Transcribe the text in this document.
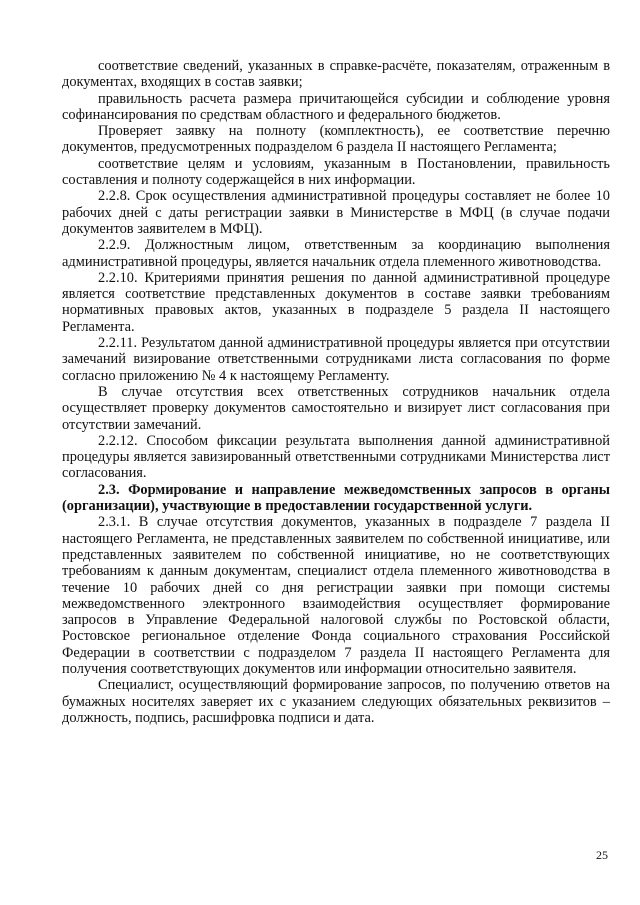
соответствие сведений, указанных в справке-расчёте, показателям, отраженным в документах, входящих в состав заявки;

правильность расчета размера причитающейся субсидии и соблюдение уровня софинансирования по средствам областного и федерального бюджетов.

Проверяет заявку на полноту (комплектность), ее соответствие перечню документов, предусмотренных подразделом 6 раздела II настоящего Регламента;

соответствие целям и условиям, указанным в Постановлении, правильность составления и полноту содержащейся в них информации.

2.2.8. Срок осуществления административной процедуры составляет не более 10 рабочих дней с даты регистрации заявки в Министерстве в МФЦ (в случае подачи документов заявителем в МФЦ).

2.2.9. Должностным лицом, ответственным за координацию выполнения административной процедуры, является начальник отдела племенного животноводства.

2.2.10. Критериями принятия решения по данной административной процедуре является соответствие представленных документов в составе заявки требованиям нормативных правовых актов, указанных в подразделе 5 раздела II настоящего Регламента.

2.2.11. Результатом данной административной процедуры является при отсутствии замечаний визирование ответственными сотрудниками листа согласования по форме согласно приложению № 4 к настоящему Регламенту.

В случае отсутствия всех ответственных сотрудников начальник отдела осуществляет проверку документов самостоятельно и визирует лист согласования при отсутствии замечаний.

2.2.12. Способом фиксации результата выполнения данной административной процедуры является завизированный ответственными сотрудниками Министерства лист согласования.

2.3. Формирование и направление межведомственных запросов в органы (организации), участвующие в предоставлении государственной услуги.

2.3.1. В случае отсутствия документов, указанных в подразделе 7 раздела II настоящего Регламента, не представленных заявителем по собственной инициативе, или представленных заявителем по собственной инициативе, но не соответствующих требованиям к данным документам, специалист отдела племенного животноводства в течение 10 рабочих дней со дня регистрации заявки при помощи системы межведомственного электронного взаимодействия осуществляет формирование запросов в Управление Федеральной налоговой службы по Ростовской области, Ростовское региональное отделение Фонда социального страхования Российской Федерации в соответствии с подразделом 7 раздела II настоящего Регламента для получения соответствующих документов или информации относительно заявителя.

Специалист, осуществляющий формирование запросов, по получению ответов на бумажных носителях заверяет их с указанием следующих обязательных реквизитов – должность, подпись, расшифровка подписи и дата.

25
